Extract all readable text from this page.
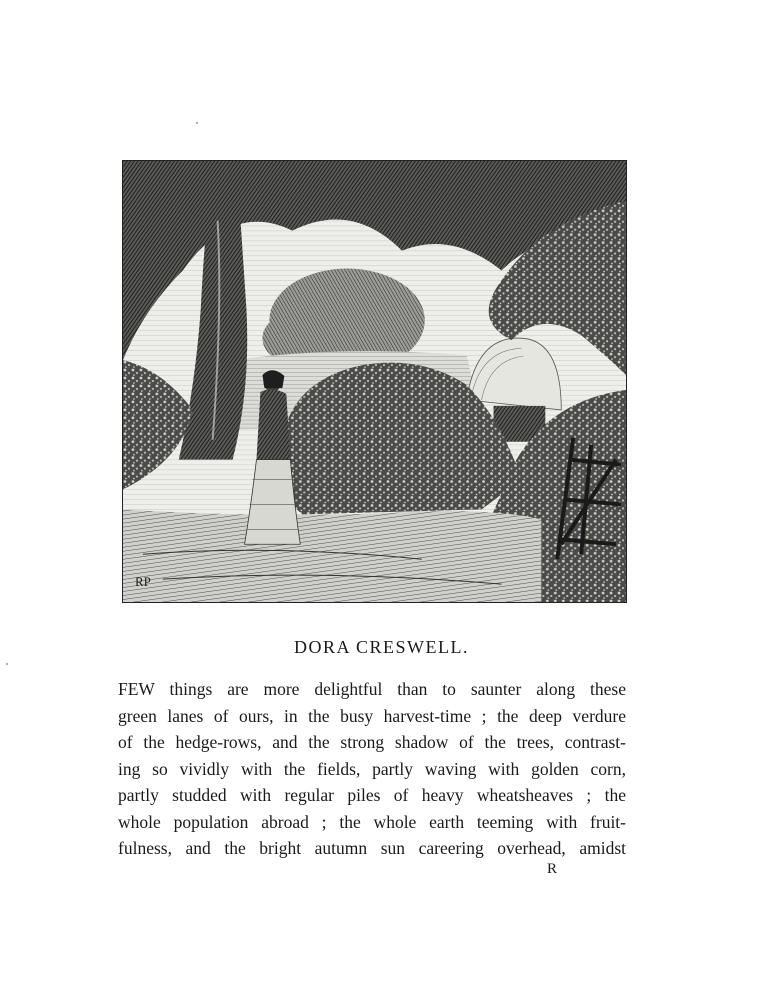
RP
DORA CRESWELL.
FEW things are more delightful than to saunter along these
green lanes of ours, in the busy harvest-time ; the deep verdure
of the hedge-rows, and the strong shadow of the trees, contrast-
ing so vividly with the fields, partly waving with golden corn,
partly studded with regular piles of heavy wheatsheaves ; the
whole population abroad ; the whole earth teeming with fruit-
fulness, and the bright autumn sun careering overhead, amidst
R
